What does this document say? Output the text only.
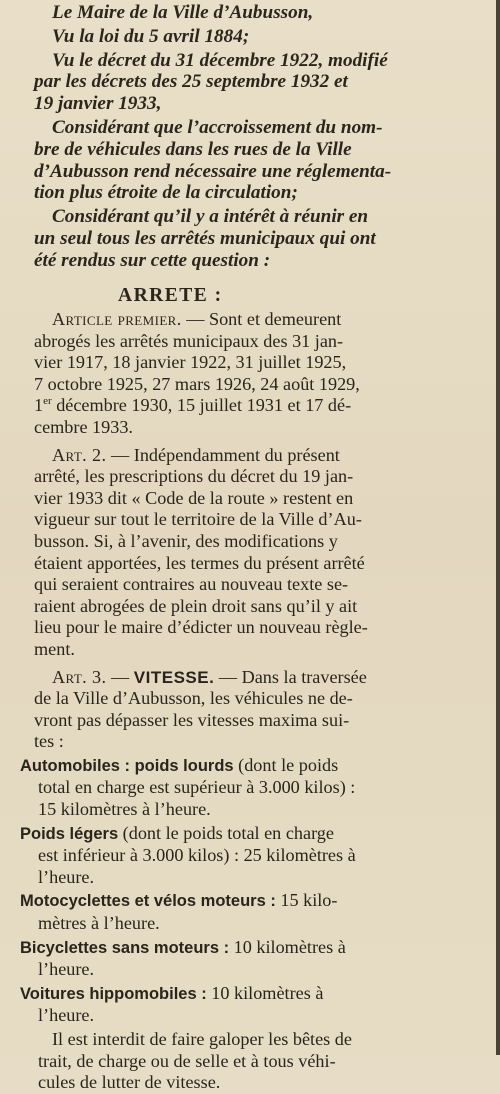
Le Maire de la Ville d’Aubusson,

Vu la loi du 5 avril 1884;

Vu le décret du 31 décembre 1922, modifié

par les décrets des 25 septembre 1932 et

19 janvier 1933,

Considérant que l’accroissement du nom-

bre de véhicules dans les rues de la Ville

d’Aubusson rend nécessaire une réglementa-

tion plus étroite de la circulation;

Considérant qu’il y a intérêt à réunir en

un seul tous les arrêtés municipaux qui ont

été rendus sur cette question :

ARRETE :

Article premier. — Sont et demeurent

abrogés les arrêtés municipaux des 31 jan-

vier 1917, 18 janvier 1922, 31 juillet 1925,

7 octobre 1925, 27 mars 1926, 24 août 1929,

1er décembre 1930, 15 juillet 1931 et 17 dé-

cembre 1933.

Art. 2. — Indépendamment du présent

arrêté, les prescriptions du décret du 19 jan-

vier 1933 dit « Code de la route » restent en

vigueur sur tout le territoire de la Ville d’Au-

busson. Si, à l’avenir, des modifications y

étaient apportées, les termes du présent arrêté

qui seraient contraires au nouveau texte se-

raient abrogées de plein droit sans qu’il y ait

lieu pour le maire d’édicter un nouveau règle-

ment.

Art. 3. — VITESSE. — Dans la traversée

de la Ville d’Aubusson, les véhicules ne de-

vront pas dépasser les vitesses maxima sui-

tes :

Automobiles : poids lourds (dont le poids

total en charge est supérieur à 3.000 kilos) :

15 kilomètres à l’heure.

Poids légers (dont le poids total en charge

est inférieur à 3.000 kilos) : 25 kilomètres à

l’heure.

Motocyclettes et vélos moteurs : 15 kilo-

mètres à l’heure.

Bicyclettes sans moteurs : 10 kilomètres à

l’heure.

Voitures hippomobiles : 10 kilomètres à

l’heure.

Il est interdit de faire galoper les bêtes de

trait, de charge ou de selle et à tous véhi-

cules de lutter de vitesse.
